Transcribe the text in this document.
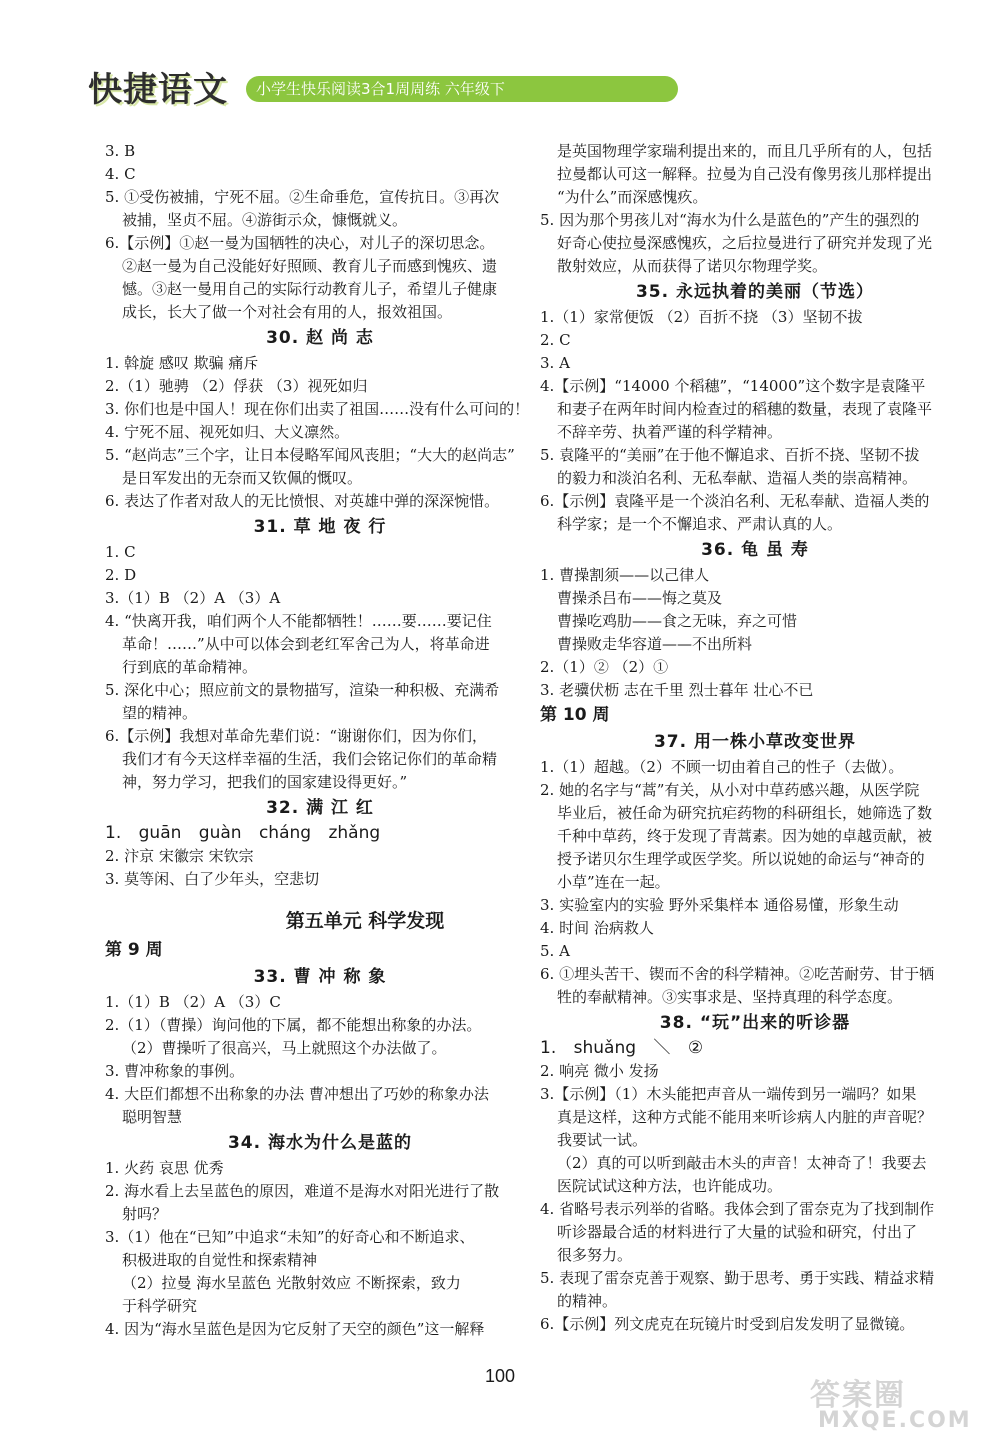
快捷语文	小学生快乐阅读3合1周周练 六年级下
3. B
4. C
5. ①受伤被捕，宁死不屈。②生命垂危，宣传抗日。③再次
被捕，坚贞不屈。④游街示众，慷慨就义。
6.【示例】①赵一曼为国牺牲的决心，对儿子的深切思念。
②赵一曼为自己没能好好照顾、教育儿子而感到愧疚、遗
憾。③赵一曼用自己的实际行动教育儿子，希望儿子健康
成长，长大了做一个对社会有用的人，报效祖国。
30. 赵 尚 志
1. 斡旋 感叹 欺骗 痛斥
2.（1）驰骋 （2）俘获 （3）视死如归
3. 你们也是中国人！现在你们出卖了祖国……没有什么可问的！
4. 宁死不屈、视死如归、大义凛然。
5. “赵尚志”三个字，让日本侵略军闻风丧胆；“大大的赵尚志”
是日军发出的无奈而又钦佩的慨叹。
6. 表达了作者对敌人的无比愤恨、对英雄中弹的深深惋惜。
31. 草 地 夜 行
1. C
2. D
3.（1）B （2）A （3）A
4. “快离开我，咱们两个人不能都牺牲！……要……要记住
革命！……”从中可以体会到老红军舍己为人，将革命进
行到底的革命精神。
5. 深化中心；照应前文的景物描写，渲染一种积极、充满希
望的精神。
6.【示例】我想对革命先辈们说：“谢谢你们，因为你们，
我们才有今天这样幸福的生活，我们会铭记你们的革命精
神，努力学习，把我们的国家建设得更好。”
32. 满 江 红
1. guān guàn cháng zhǎng
2. 汴京 宋徽宗 宋钦宗
3. 莫等闲、白了少年头，空悲切
第五单元 科学发现
第 9 周
33. 曹 冲 称 象
1.（1）B （2）A （3）C
2.（1）（曹操）询问他的下属，都不能想出称象的办法。
（2）曹操听了很高兴，马上就照这个办法做了。
3. 曹冲称象的事例。
4. 大臣们都想不出称象的办法 曹冲想出了巧妙的称象办法
聪明智慧
34. 海水为什么是蓝的
1. 火药 哀思 优秀
2. 海水看上去呈蓝色的原因，难道不是海水对阳光进行了散
射吗？
3.（1）他在“已知”中追求“未知”的好奇心和不断追求、
积极进取的自觉性和探索精神
（2）拉曼 海水呈蓝色 光散射效应 不断探索，致力
于科学研究
4. 因为“海水呈蓝色是因为它反射了天空的颜色”这一解释
是英国物理学家瑞利提出来的，而且几乎所有的人，包括
拉曼都认可这一解释。拉曼为自己没有像男孩儿那样提出
“为什么”而深感愧疚。
5. 因为那个男孩儿对“海水为什么是蓝色的”产生的强烈的
好奇心使拉曼深感愧疚，之后拉曼进行了研究并发现了光
散射效应，从而获得了诺贝尔物理学奖。
35. 永远执着的美丽（节选）
1.（1）家常便饭 （2）百折不挠 （3）坚韧不拔
2. C
3. A
4.【示例】“14000 个稻穗”，“14000”这个数字是袁隆平
和妻子在两年时间内检查过的稻穗的数量，表现了袁隆平
不辞辛劳、执着严谨的科学精神。
5. 袁隆平的“美丽”在于他不懈追求、百折不挠、坚韧不拔
的毅力和淡泊名利、无私奉献、造福人类的崇高精神。
6.【示例】袁隆平是一个淡泊名利、无私奉献、造福人类的
科学家；是一个不懈追求、严肃认真的人。
36. 龟 虽 寿
1. 曹操割须——以己律人
曹操杀吕布——悔之莫及
曹操吃鸡肋——食之无味，弃之可惜
曹操败走华容道——不出所料
2.（1）② （2）①
3. 老骥伏枥 志在千里 烈士暮年 壮心不已
第 10 周
37. 用一株小草改变世界
1.（1）超越。（2）不顾一切由着自己的性子（去做）。
2. 她的名字与“蒿”有关，从小对中草药感兴趣，从医学院
毕业后，被任命为研究抗疟药物的科研组长，她筛选了数
千种中草药，终于发现了青蒿素。因为她的卓越贡献，被
授予诺贝尔生理学或医学奖。所以说她的命运与“神奇的
小草”连在一起。
3. 实验室内的实验 野外采集样本 通俗易懂，形象生动
4. 时间 治病救人
5. A
6. ①埋头苦干、锲而不舍的科学精神。②吃苦耐劳、甘于牺
牲的奉献精神。③实事求是、坚持真理的科学态度。
38. “玩”出来的听诊器
1. shuǎng ＼ ②
2. 响亮 微小 发扬
3.【示例】（1）木头能把声音从一端传到另一端吗？如果
真是这样，这种方式能不能用来听诊病人内脏的声音呢？
我要试一试。
（2）真的可以听到敲击木头的声音！太神奇了！我要去
医院试试这种方法，也许能成功。
4. 省略号表示列举的省略。我体会到了雷奈克为了找到制作
听诊器最合适的材料进行了大量的试验和研究，付出了
很多努力。
5. 表现了雷奈克善于观察、勤于思考、勇于实践、精益求精
的精神。
6.【示例】列文虎克在玩镜片时受到启发发明了显微镜。
100
答案圈
MXQE.COM
